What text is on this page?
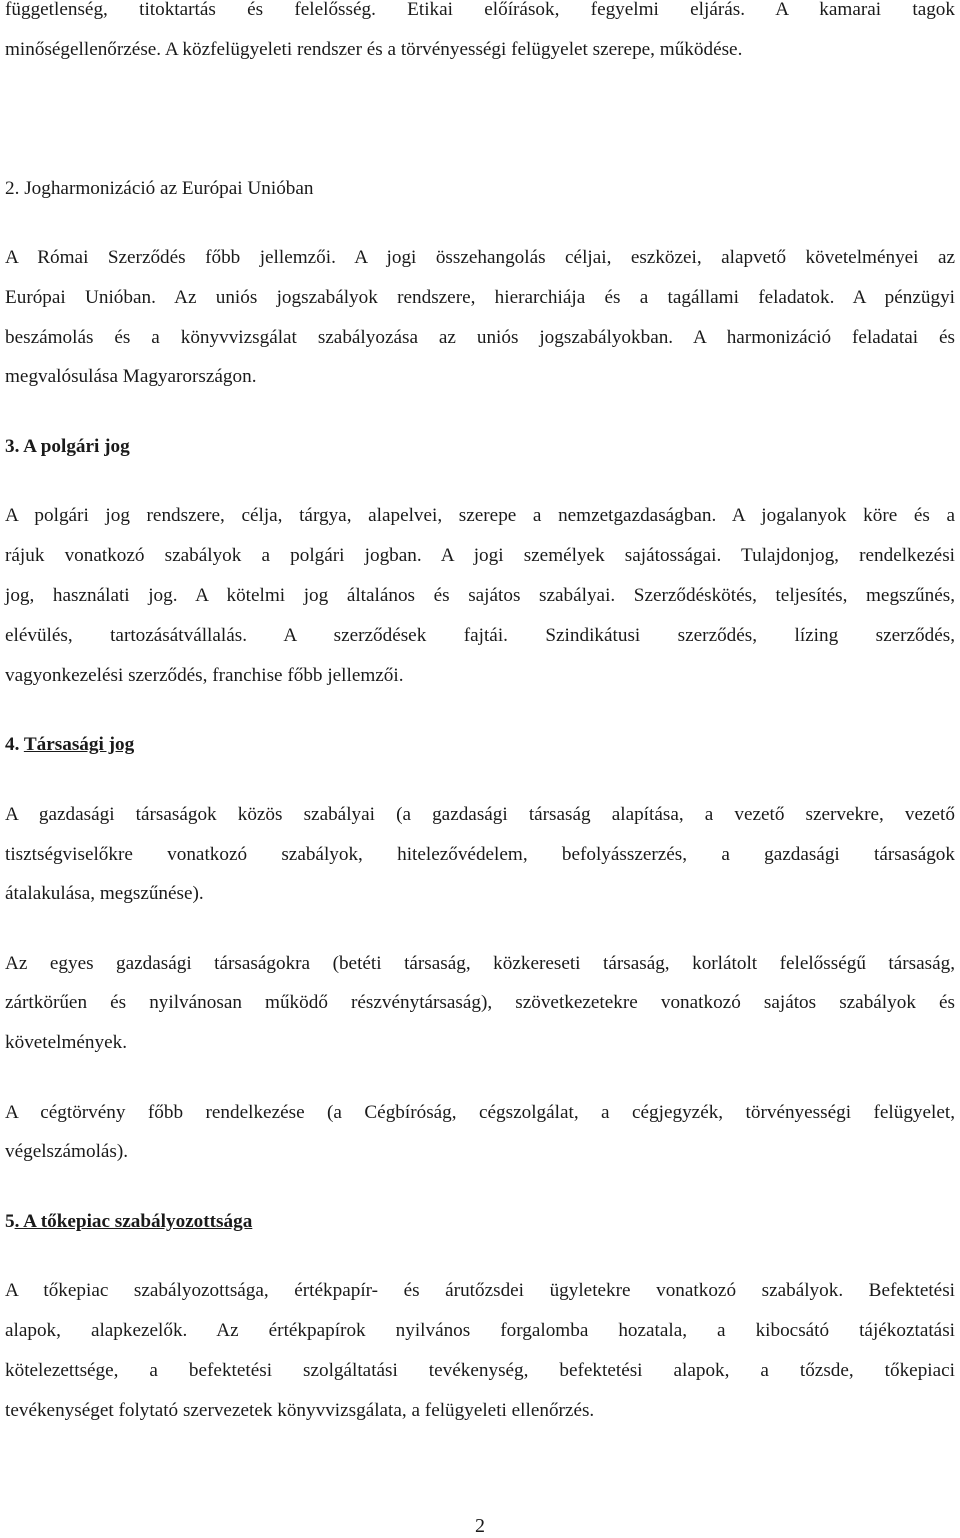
függetlenség, titoktartás és felelősség. Etikai előírások, fegyelmi eljárás. A kamarai tagok
minőségellenőrzése. A közfelügyeleti rendszer és a törvényességi felügyelet szerepe, működése.
2. Jogharmonizáció az Európai Unióban
A Római Szerződés főbb jellemzői. A jogi összehangolás céljai, eszközei, alapvető követelményei az
Európai Unióban. Az uniós jogszabályok rendszere, hierarchiája és a tagállami feladatok. A pénzügyi
beszámolás és a könyvvizsgálat szabályozása az uniós jogszabályokban. A harmonizáció feladatai és
megvalósulása Magyarországon.
3. A polgári jog
A polgári jog rendszere, célja, tárgya, alapelvei, szerepe a nemzetgazdaságban. A jogalanyok köre és a
rájuk vonatkozó szabályok a polgári jogban. A jogi személyek sajátosságai. Tulajdonjog, rendelkezési
jog, használati jog. A kötelmi jog általános és sajátos szabályai. Szerződéskötés, teljesítés, megszűnés,
elévülés, tartozásátvállalás. A szerződések fajtái. Szindikátusi szerződés, lízing szerződés,
vagyonkezelési szerződés, franchise főbb jellemzői.
4. Társasági jog
A gazdasági társaságok közös szabályai (a gazdasági társaság alapítása, a vezető szervekre, vezető
tisztségviselőkre vonatkozó szabályok, hitelezővédelem, befolyásszerzés, a gazdasági társaságok
átalakulása, megszűnése).
Az egyes gazdasági társaságokra (betéti társaság, közkereseti társaság, korlátolt felelősségű társaság,
zártkörűen és nyilvánosan működő részvénytársaság), szövetkezetekre vonatkozó sajátos szabályok és
követelmények.
A cégtörvény főbb rendelkezése (a Cégbíróság, cégszolgálat, a cégjegyzék, törvényességi felügyelet,
végelszámolás).
5. A tőkepiac szabályozottsága
A tőkepiac szabályozottsága, értékpapír- és árutőzsdei ügyletekre vonatkozó szabályok. Befektetési
alapok, alapkezelők. Az értékpapírok nyilvános forgalomba hozatala, a kibocsátó tájékoztatási
kötelezettsége, a befektetési szolgáltatási tevékenység, befektetési alapok, a tőzsde, tőkepiaci
tevékenységet folytató szervezetek könyvvizsgálata, a felügyeleti ellenőrzés.
2
